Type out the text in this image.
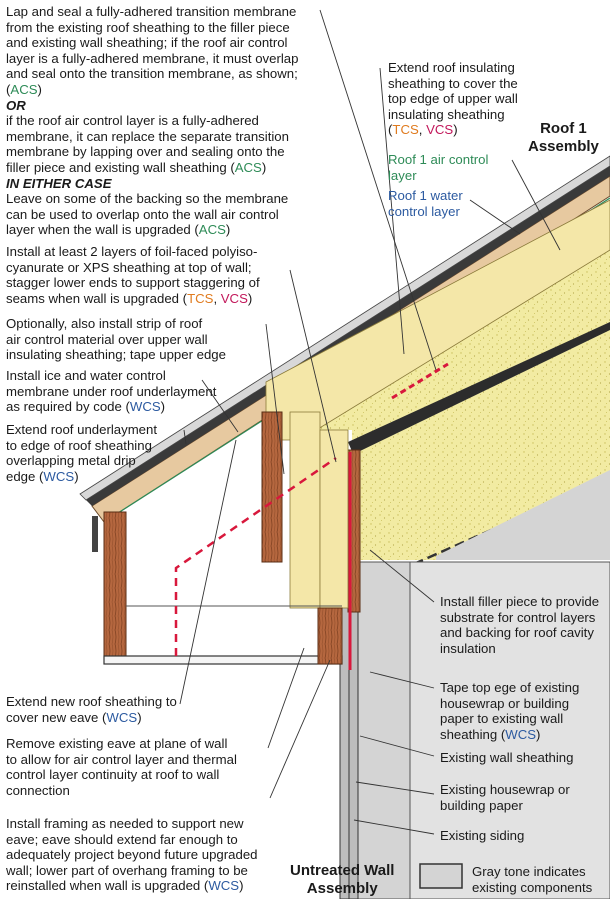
Lap and seal a fully-adhered transition membrane
from the existing roof sheathing to the filler piece
and existing wall sheathing; if the roof air control
layer is a fully-adhered membrane, it must overlap
and seal onto the transition membrane, as shown;
(ACS)
OR
if the roof air control layer is a fully-adhered
membrane, it can replace the separate transition
membrane by lapping over and sealing onto the
filler piece and existing wall sheathing (ACS)
IN EITHER CASE
Leave on some of the backing so the membrane
can be used to overlap onto the wall air control
layer when the wall is upgraded (ACS)
Extend roof insulating
sheathing to cover the
top edge of upper wall
insulating sheathing
(TCS, VCS)	Roof 1
Assembly
Roof 1 air control
layer
Roof 1 water
control layer
Install at least 2 layers of foil-faced polyiso-
cyanurate or XPS sheathing at top of wall;
stagger lower ends to support staggering of
seams when wall is upgraded (TCS, VCS)
Optionally, also install strip of roof
air control material over upper wall
insulating sheathing; tape upper edge
Install ice and water control
membrane under roof underlayment
as required by code (WCS)
Extend roof underlayment
to edge of roof sheathing
overlapping metal drip
edge (WCS)
Install filler piece to provide
substrate for control layers
and backing for roof cavity
insulation
Extend new roof sheathing to
cover new eave (WCS)
Tape top ege of existing
housewrap or building
paper to existing wall
sheathing (WCS)
Remove existing eave at plane of wall
to allow for air control layer and thermal
control layer continuity at roof to wall
connection
Existing wall sheathing
Existing housewrap or
building paper
Install framing as needed to support new
eave; eave should extend far enough to
adequately project beyond future upgraded
wall; lower part of overhang framing to be
reinstalled when wall is upgraded (WCS)
Existing siding
Untreated Wall
Assembly
Gray tone indicates
existing components
